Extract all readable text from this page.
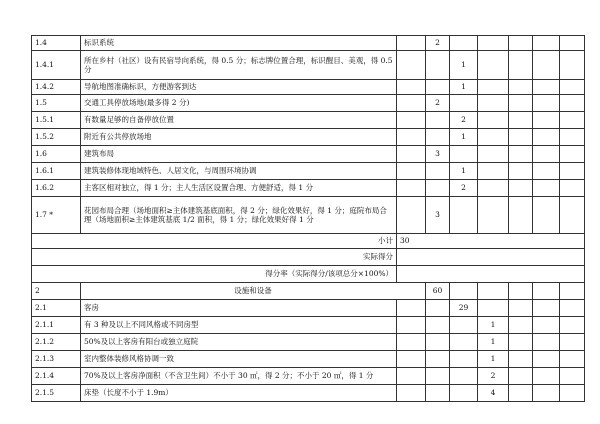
1.4	标识系统		2					
1.4.1	所在乡村（社区）设有民宿导向系统，得 0.5 分；标志牌位置合理，标识醒目、美观，得 0.5 分			1				
1.4.2	导航地图准确标识，方便游客到达			1				
1.5	交通工具停放场地(最多得 2 分)		2					
1.5.1	有数量足够的自备停放位置			2				
1.5.2	附近有公共停放场地			1				
1.6	建筑布局		3					
1.6.1	建筑装修体现地域特色、人居文化，与周围环境协调			1				
1.6.2	主客区相对独立，得 1 分；主人生活区设置合理、方便舒适，得 1 分			2				
1.7 *	花园布局合理（场地面积≥主体建筑基底面积，得 2 分；绿化效果好，得 1 分；庭院布局合理（场地面积≥主体建筑基底 1/2 面积，得 1 分；绿化效果好得 1 分		3					
小计		30						
实际得分								
得分率（实际得分/该项总分×100%）								
2	设施和设备		60					
2.1	客房			29				
2.1.1	有 3 种及以上不同风格或不同房型				1			
2.1.2	50%及以上客房有阳台或独立庭院				1			
2.1.3	室内整体装修风格协调一致				1			
2.1.4	70%及以上客房净面积（不含卫生间）不小于 30 ㎡，得 2 分；不小于 20 ㎡，得 1 分				2			
2.1.5	床垫（长度不小于 1.9m）				4			
